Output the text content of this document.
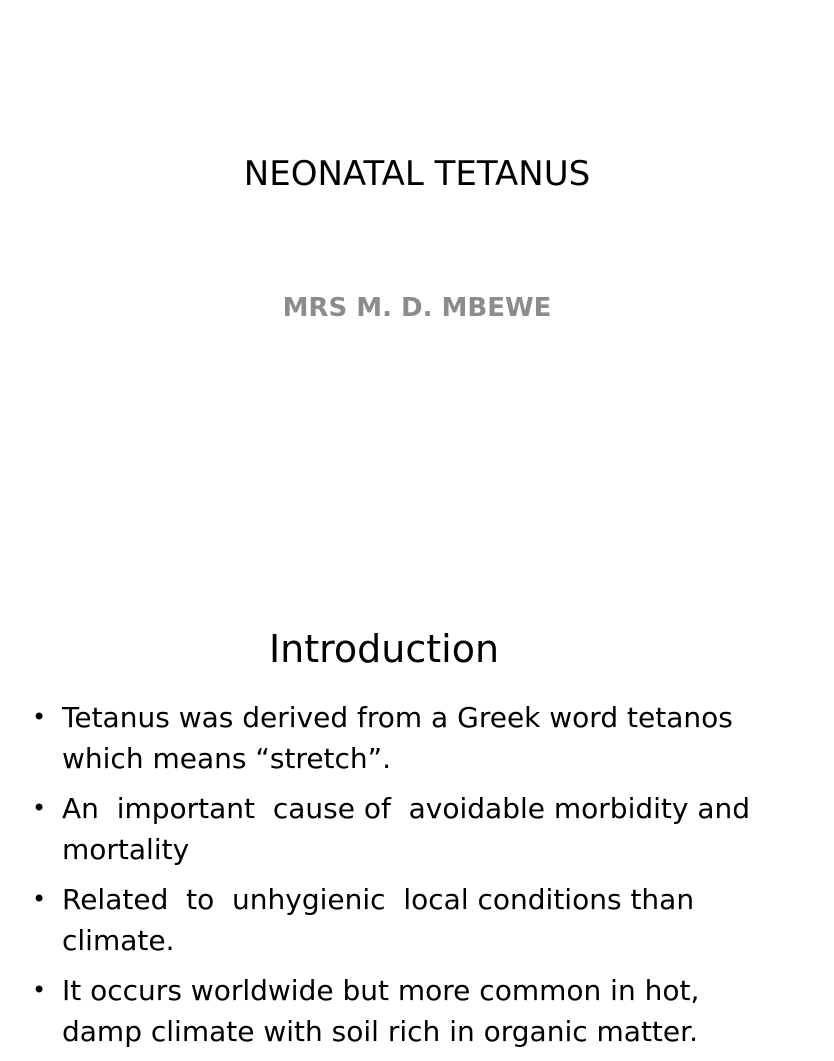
NEONATAL TETANUS
MRS M. D. MBEWE
Introduction
• Tetanus was derived from a Greek word tetanos which means “stretch”.
• An  important  cause of  avoidable morbidity and mortality
• Related  to  unhygienic  local conditions than climate.
• It occurs worldwide but more common in hot, damp climate with soil rich in organic matter.
